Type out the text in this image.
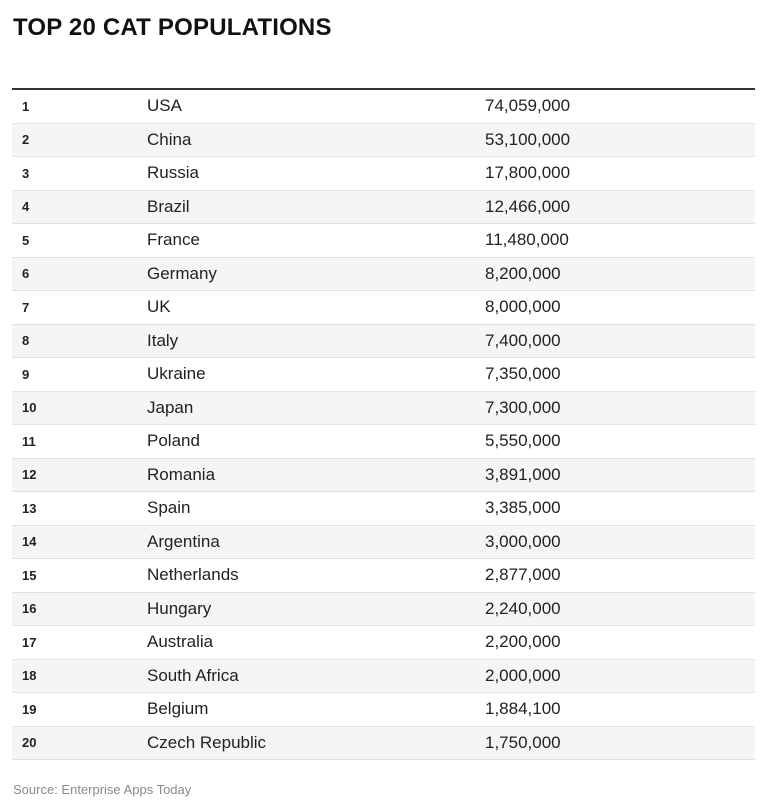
TOP 20 CAT POPULATIONS
1	USA	74,059,000
2	China	53,100,000
3	Russia	17,800,000
4	Brazil	12,466,000
5	France	11,480,000
6	Germany	8,200,000
7	UK	8,000,000
8	Italy	7,400,000
9	Ukraine	7,350,000
10	Japan	7,300,000
11	Poland	5,550,000
12	Romania	3,891,000
13	Spain	3,385,000
14	Argentina	3,000,000
15	Netherlands	2,877,000
16	Hungary	2,240,000
17	Australia	2,200,000
18	South Africa	2,000,000
19	Belgium	1,884,100
20	Czech Republic	1,750,000
Source: Enterprise Apps Today
